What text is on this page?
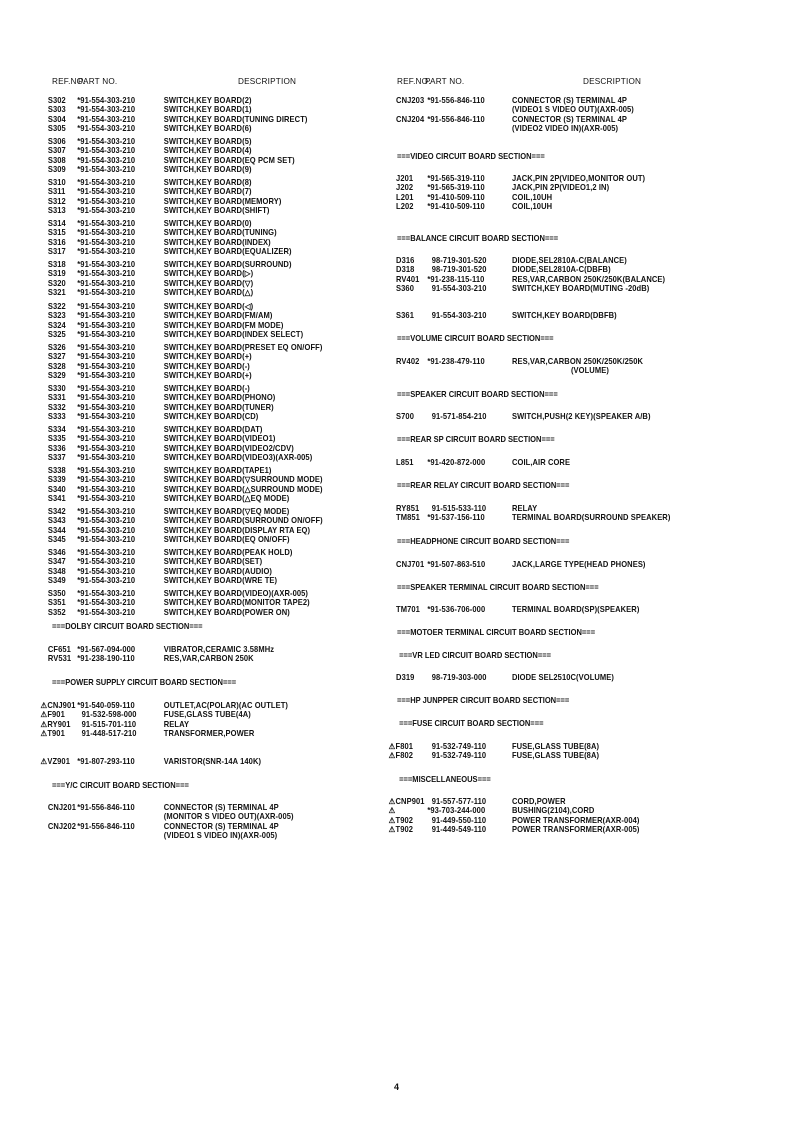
REF.NO.
PART NO.	DESCRIPTION
S302 *91-554-303-210	SWITCH,KEY BOARD(2)
S303 *91-554-303-210	SWITCH,KEY BOARD(1)
S304 *91-554-303-210	SWITCH,KEY BOARD(TUNING DIRECT)
S305 *91-554-303-210	SWITCH,KEY BOARD(6)
S306 *91-554-303-210	SWITCH,KEY BOARD(5)
S307 *91-554-303-210	SWITCH,KEY BOARD(4)
S308 *91-554-303-210	SWITCH,KEY BOARD(EQ PCM SET)
S309 *91-554-303-210	SWITCH,KEY BOARD(9)
S310 *91-554-303-210	SWITCH,KEY BOARD(8)
S311 *91-554-303-210	SWITCH,KEY BOARD(7)
S312 *91-554-303-210	SWITCH,KEY BOARD(MEMORY)
S313 *91-554-303-210	SWITCH,KEY BOARD(SHIFT)
S314 *91-554-303-210	SWITCH,KEY BOARD(0)
S315 *91-554-303-210	SWITCH,KEY BOARD(TUNING)
S316 *91-554-303-210	SWITCH,KEY BOARD(INDEX)
S317 *91-554-303-210	SWITCH,KEY BOARD(EQUALIZER)
S318 *91-554-303-210	SWITCH,KEY BOARD(SURROUND)
S319 *91-554-303-210	SWITCH,KEY BOARD(▷)
S320 *91-554-303-210	SWITCH,KEY BOARD(▽)
S321 *91-554-303-210	SWITCH,KEY BOARD(△)
S322 *91-554-303-210	SWITCH,KEY BOARD(◁)
S323 *91-554-303-210	SWITCH,KEY BOARD(FM/AM)
S324 *91-554-303-210	SWITCH,KEY BOARD(FM MODE)
S325 *91-554-303-210	SWITCH,KEY BOARD(INDEX SELECT)
S326 *91-554-303-210	SWITCH,KEY BOARD(PRESET EQ ON/OFF)
S327 *91-554-303-210	SWITCH,KEY BOARD(+)
S328 *91-554-303-210	SWITCH,KEY BOARD(-)
S329 *91-554-303-210	SWITCH,KEY BOARD(+)
S330 *91-554-303-210	SWITCH,KEY BOARD(-)
S331 *91-554-303-210	SWITCH,KEY BOARD(PHONO)
S332 *91-554-303-210	SWITCH,KEY BOARD(TUNER)
S333 *91-554-303-210	SWITCH,KEY BOARD(CD)
S334 *91-554-303-210	SWITCH,KEY BOARD(DAT)
S335 *91-554-303-210	SWITCH,KEY BOARD(VIDEO1)
S336 *91-554-303-210	SWITCH,KEY BOARD(VIDEO2/CDV)
S337 *91-554-303-210	SWITCH,KEY BOARD(VIDEO3)(AXR-005)
S338 *91-554-303-210	SWITCH,KEY BOARD(TAPE1)
S339 *91-554-303-210	SWITCH,KEY BOARD(▽SURROUND MODE)
S340 *91-554-303-210	SWITCH,KEY BOARD(△SURROUND MODE)
S341 *91-554-303-210	SWITCH,KEY BOARD(△EQ MODE)
S342 *91-554-303-210	SWITCH,KEY BOARD(▽EQ MODE)
S343 *91-554-303-210	SWITCH,KEY BOARD(SURROUND ON/OFF)
S344 *91-554-303-210	SWITCH,KEY BOARD(DISPLAY RTA EQ)
S345 *91-554-303-210	SWITCH,KEY BOARD(EQ ON/OFF)
S346 *91-554-303-210	SWITCH,KEY BOARD(PEAK HOLD)
S347 *91-554-303-210	SWITCH,KEY BOARD(SET)
S348 *91-554-303-210	SWITCH,KEY BOARD(AUDIO)
S349 *91-554-303-210	SWITCH,KEY BOARD(WRE TE)
S350 *91-554-303-210	SWITCH,KEY BOARD(VIDEO)(AXR-005)
S351 *91-554-303-210	SWITCH,KEY BOARD(MONITOR TAPE2)
S352 *91-554-303-210	SWITCH,KEY BOARD(POWER ON)
===DOLBY CIRCUIT BOARD SECTION===
CF651 *91-567-094-000	VIBRATOR,CERAMIC 3.58MHz
RV531 *91-238-190-110	RES,VAR,CARBON 250K
===POWER SUPPLY CIRCUIT BOARD SECTION===
⚠CNJ901 *91-540-059-110	OUTLET,AC(POLAR)(AC OUTLET)
⚠F901 91-532-598-000	FUSE,GLASS TUBE(4A)
⚠RY901 91-515-701-110	RELAY
⚠T901 91-448-517-210	TRANSFORMER,POWER
⚠VZ901 *91-807-293-110	VARISTOR(SNR-14A 140K)
===Y/C CIRCUIT BOARD SECTION===
CNJ201 *91-556-846-110	CONNECTOR (S) TERMINAL 4P
(MONITOR S VIDEO OUT)(AXR-005)
CNJ202 *91-556-846-110	CONNECTOR (S) TERMINAL 4P
(VIDEO1 S VIDEO IN)(AXR-005)
REF.NO.
PART NO.	DESCRIPTION
CNJ203 *91-556-846-110	CONNECTOR (S) TERMINAL 4P
(VIDEO1 S VIDEO OUT)(AXR-005)
CNJ204 *91-556-846-110	CONNECTOR (S) TERMINAL 4P
(VIDEO2 VIDEO IN)(AXR-005)
===VIDEO CIRCUIT BOARD SECTION===
J201 *91-565-319-110	JACK,PIN 2P(VIDEO,MONITOR OUT)
J202 *91-565-319-110	JACK,PIN 2P(VIDEO1,2 IN)
L201 *91-410-509-110	COIL,10UH
L202 *91-410-509-110	COIL,10UH
===BALANCE CIRCUIT BOARD SECTION===
D316 98-719-301-520	DIODE,SEL2810A-C(BALANCE)
D318 98-719-301-520	DIODE,SEL2810A-C(DBFB)
RV401 *91-238-115-110	RES,VAR,CARBON 250K/250K(BALANCE)
S360 91-554-303-210	SWITCH,KEY BOARD(MUTING -20dB)
S361 91-554-303-210	SWITCH,KEY BOARD(DBFB)
===VOLUME CIRCUIT BOARD SECTION===
RV402 *91-238-479-110	RES,VAR,CARBON 250K/250K/250K
(VOLUME)
===SPEAKER CIRCUIT BOARD SECTION===
S700 91-571-854-210	SWITCH,PUSH(2 KEY)(SPEAKER A/B)
===REAR SP CIRCUIT BOARD SECTION===
L851 *91-420-872-000	COIL,AIR CORE
===REAR RELAY CIRCUIT BOARD SECTION===
RY851 91-515-533-110	RELAY
TM851 *91-537-156-110	TERMINAL BOARD(SURROUND SPEAKER)
===HEADPHONE CIRCUIT BOARD SECTION===
CNJ701 *91-507-863-510	JACK,LARGE TYPE(HEAD PHONES)
===SPEAKER TERMINAL CIRCUIT BOARD SECTION===
TM701 *91-536-706-000	TERMINAL BOARD(SP)(SPEAKER)
===MOTOER TERMINAL CIRCUIT BOARD SECTION===
===VR LED CIRCUIT BOARD SECTION===
D319 98-719-303-000	DIODE SEL2510C(VOLUME)
===HP JUNPPER CIRCUIT BOARD SECTION===
===FUSE CIRCUIT BOARD SECTION===
⚠F801 91-532-749-110	FUSE,GLASS TUBE(8A)
⚠F802 91-532-749-110	FUSE,GLASS TUBE(8A)
===MISCELLANEOUS===
⚠CNP901 91-557-577-110	CORD,POWER
⚠	*93-703-244-000	BUSHING(2104),CORD
⚠T902 91-449-550-110	POWER TRANSFORMER(AXR-004)
⚠T902 91-449-549-110	POWER TRANSFORMER(AXR-005)
4
